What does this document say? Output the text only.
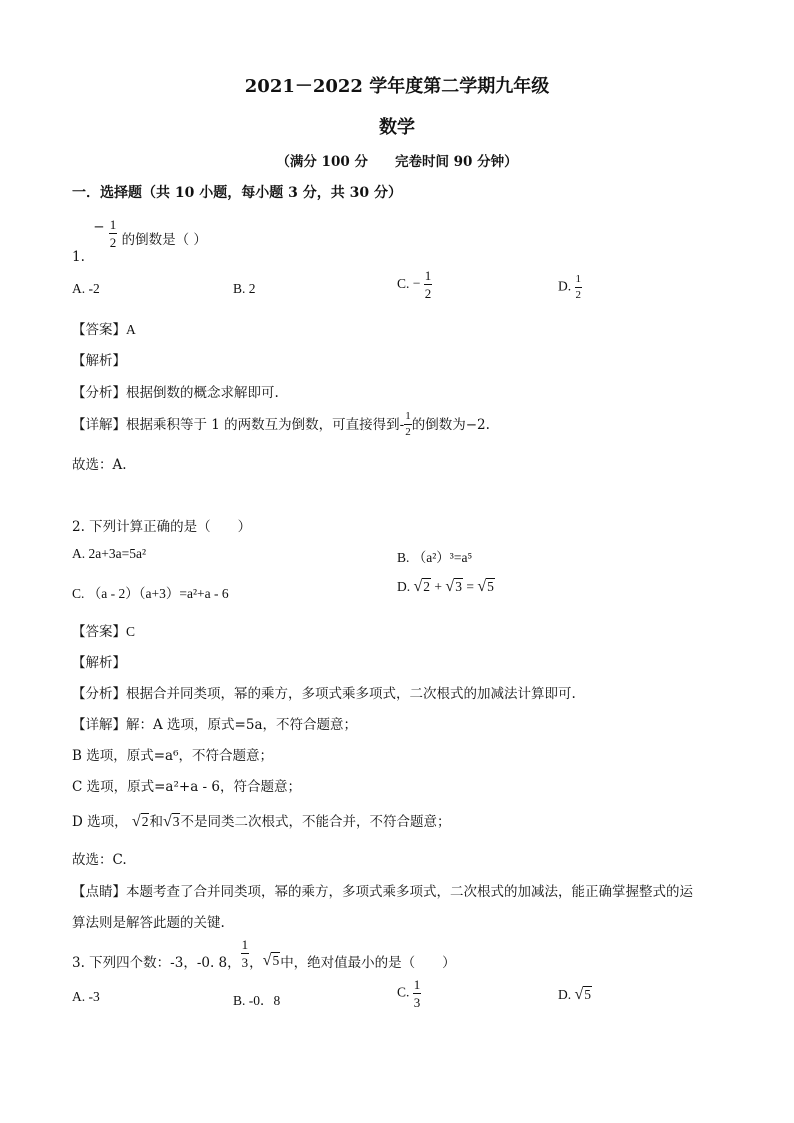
2021－2022 学年度第二学期九年级
数学
（满分 100 分　　完卷时间 90 分钟）
一．选择题（共 10 小题，每小题 3 分，共 30 分）
1. − $\frac{1}{2}$ 的倒数是（ ）
A. -2	B. 2	C. − $\frac{1}{2}$	D. $\frac{1}{2}$
【答案】A
【解析】
【分析】根据倒数的概念求解即可.
【详解】根据乘积等于 1 的两数互为倒数，可直接得到- $\frac{1}{2}$ 的倒数为−2.
故选：A.
2. 下列计算正确的是（　　）
A. 2a+3a=5a²	B. （a²）³=a⁵
C. （a - 2）（a+3）=a²+a - 6	D. √2 + √3 = √5
【答案】C
【解析】
【分析】根据合并同类项，幂的乘方，多项式乘多项式，二次根式的加减法计算即可.
【详解】解：A 选项，原式=5a，不符合题意；
B 选项，原式=a⁶，不符合题意；
C 选项，原式=a²+a - 6，符合题意；
D 选项， √2和√3不是同类二次根式，不能合并，不符合题意；
故选：C.
【点睛】本题考查了合并同类项，幂的乘方，多项式乘多项式，二次根式的加减法，能正确掌握整式的运
算法则是解答此题的关键.
3. 下列四个数：-3，-0. 8， $\frac{1}{3}$ ，√5中，绝对值最小的是（　　）
A. -3	B. -0．8
C. $\frac{1}{3}$	D. √5
